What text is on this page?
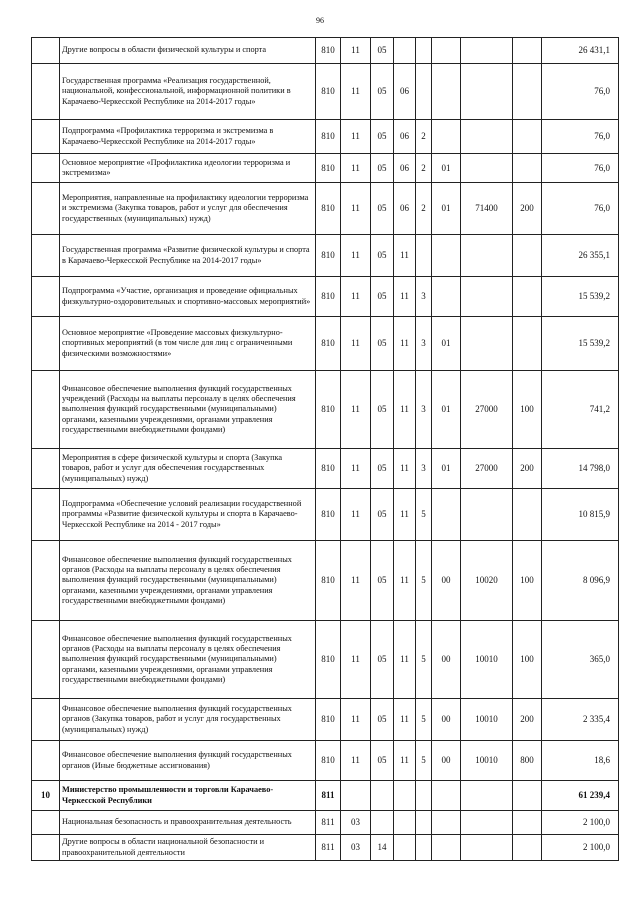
96
	Другие вопросы в области физической культуры и спорта	810	11	05						26 431,1
	Государственная программа «Реализация государственной, национальной, конфессиональной, информационной политики в Карачаево-Черкесской Республике на 2014-2017 годы»	810	11	05	06					76,0
	Подпрограмма «Профилактика терроризма и экстремизма в Карачаево-Черкесской Республике на 2014-2017 годы»	810	11	05	06	2				76,0
	Основное мероприятие «Профилактика идеологии терроризма и экстремизма»	810	11	05	06	2	01			76,0
	Мероприятия, направленные на профилактику идеологии терроризма и экстремизма (Закупка товаров, работ и услуг для обеспечения государственных (муниципальных) нужд)	810	11	05	06	2	01	71400	200	76,0
	Государственная программа «Развитие физической культуры и спорта в Карачаево-Черкесской Республике на 2014-2017 годы»	810	11	05	11					26 355,1
	Подпрограмма «Участие, организация и проведение официальных физкультурно-оздоровительных и спортивно-массовых мероприятий»	810	11	05	11	3				15 539,2
	Основное мероприятие «Проведение массовых физкультурно-спортивных мероприятий (в том числе для лиц с ограниченными физическими возможностями»	810	11	05	11	3	01			15 539,2
	Финансовое обеспечение выполнения функций государственных учреждений (Расходы на выплаты персоналу в целях обеспечения выполнения функций государственными (муниципальными) органами, казенными учреждениями, органами управления государственными внебюджетными фондами)	810	11	05	11	3	01	27000	100	741,2
	Мероприятия в сфере физической культуры и спорта (Закупка товаров, работ и услуг для обеспечения государственных (муниципальных) нужд)	810	11	05	11	3	01	27000	200	14 798,0
	Подпрограмма «Обеспечение условий реализации государственной программы «Развитие физической культуры и спорта в Карачаево-Черкесской Республике на 2014 - 2017 годы»	810	11	05	11	5				10 815,9
	Финансовое обеспечение выполнения функций государственных органов (Расходы на выплаты персоналу в целях обеспечения выполнения функций государственными (муниципальными) органами, казенными учреждениями, органами управления государственными внебюджетными фондами)	810	11	05	11	5	00	10020	100	8 096,9
	Финансовое обеспечение выполнения функций государственных органов (Расходы на выплаты персоналу в целях обеспечения выполнения функций государственными (муниципальными) органами, казенными учреждениями, органами управления государственными внебюджетными фондами)	810	11	05	11	5	00	10010	100	365,0
	Финансовое обеспечение выполнения функций государственных органов (Закупка товаров, работ и услуг для государственных (муниципальных) нужд)	810	11	05	11	5	00	10010	200	2 335,4
	Финансовое обеспечение выполнения функций государственных органов (Иные бюджетные ассигнования)	810	11	05	11	5	00	10010	800	18,6
10	Министерство промышленности и торговли Карачаево-Черкесской Республики	811								61 239,4
	Национальная безопасность и правоохранительная деятельность	811	03							2 100,0
	Другие вопросы в области национальной безопасности и правоохранительной деятельности	811	03	14						2 100,0
